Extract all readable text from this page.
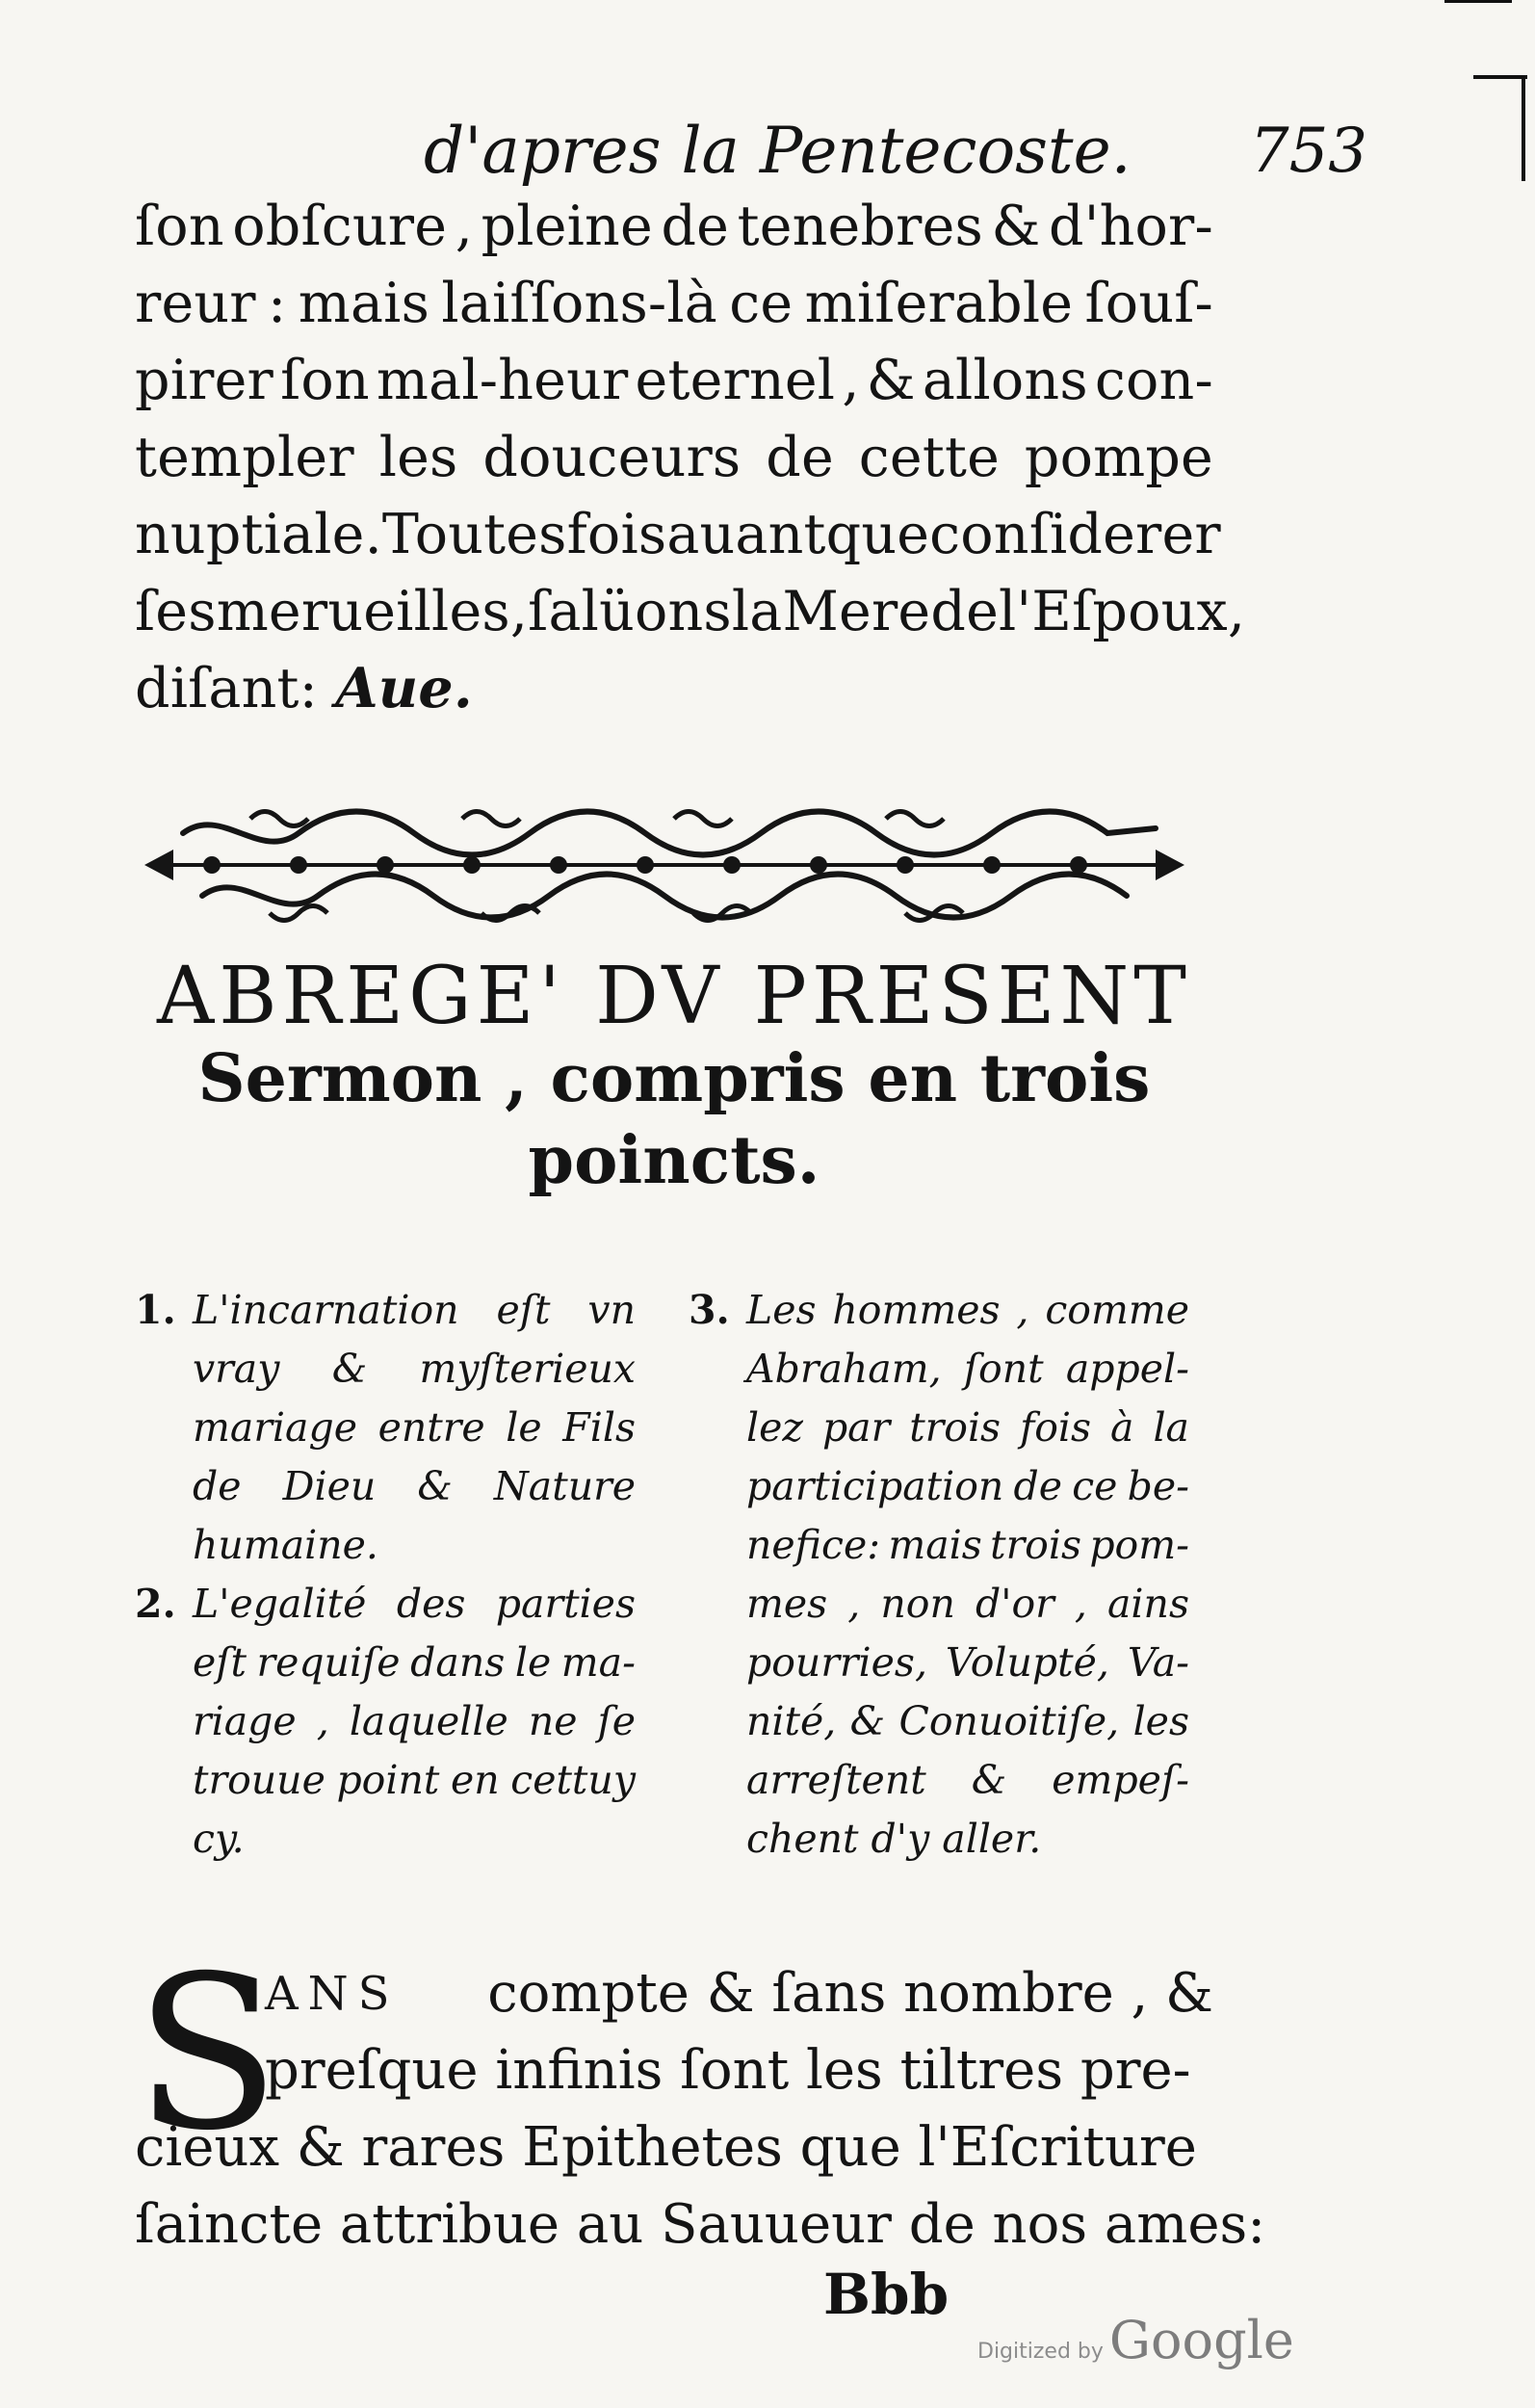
d'apres la Pentecoste. 753
ſon obſcure , pleine de tenebres & d'hor-
reur : mais laiſſons-là ce miſerable ſouſ-
pirer ſon mal-heur eternel , & allons con-
templer les douceurs de cette pompe
nuptiale. Toutesfois auant que conſiderer
ſes merueilles, ſalüons la Mere de l'Eſpoux,
diſant:
Aue.
ABREGE' DV PRESENT
Sermon , compris en trois
poincts.
1. L'incarnation eſt vn
vray & myſterieux
mariage entre le Fils
de Dieu & Nature
humaine.
2. L'egalité des parties
eſt requiſe dans le ma-
riage , laquelle ne ſe
trouue point en cettuy
cy.
3. Les hommes , comme
Abraham, ſont appel-
lez par trois fois à la
participation de ce be-
nefice: mais trois pom-
mes , non d'or , ains
pourries, Volupté, Va-
nité, & Conuoitiſe, les
arreſtent & empeſ-
chent d'y aller.
S
ANS compte & ſans nombre , &
preſque infinis ſont les tiltres pre-
cieux & rares Epithetes que l'Eſcriture
ſaincte attribue au Sauueur de nos ames:
Bbb
Digitized by Google
